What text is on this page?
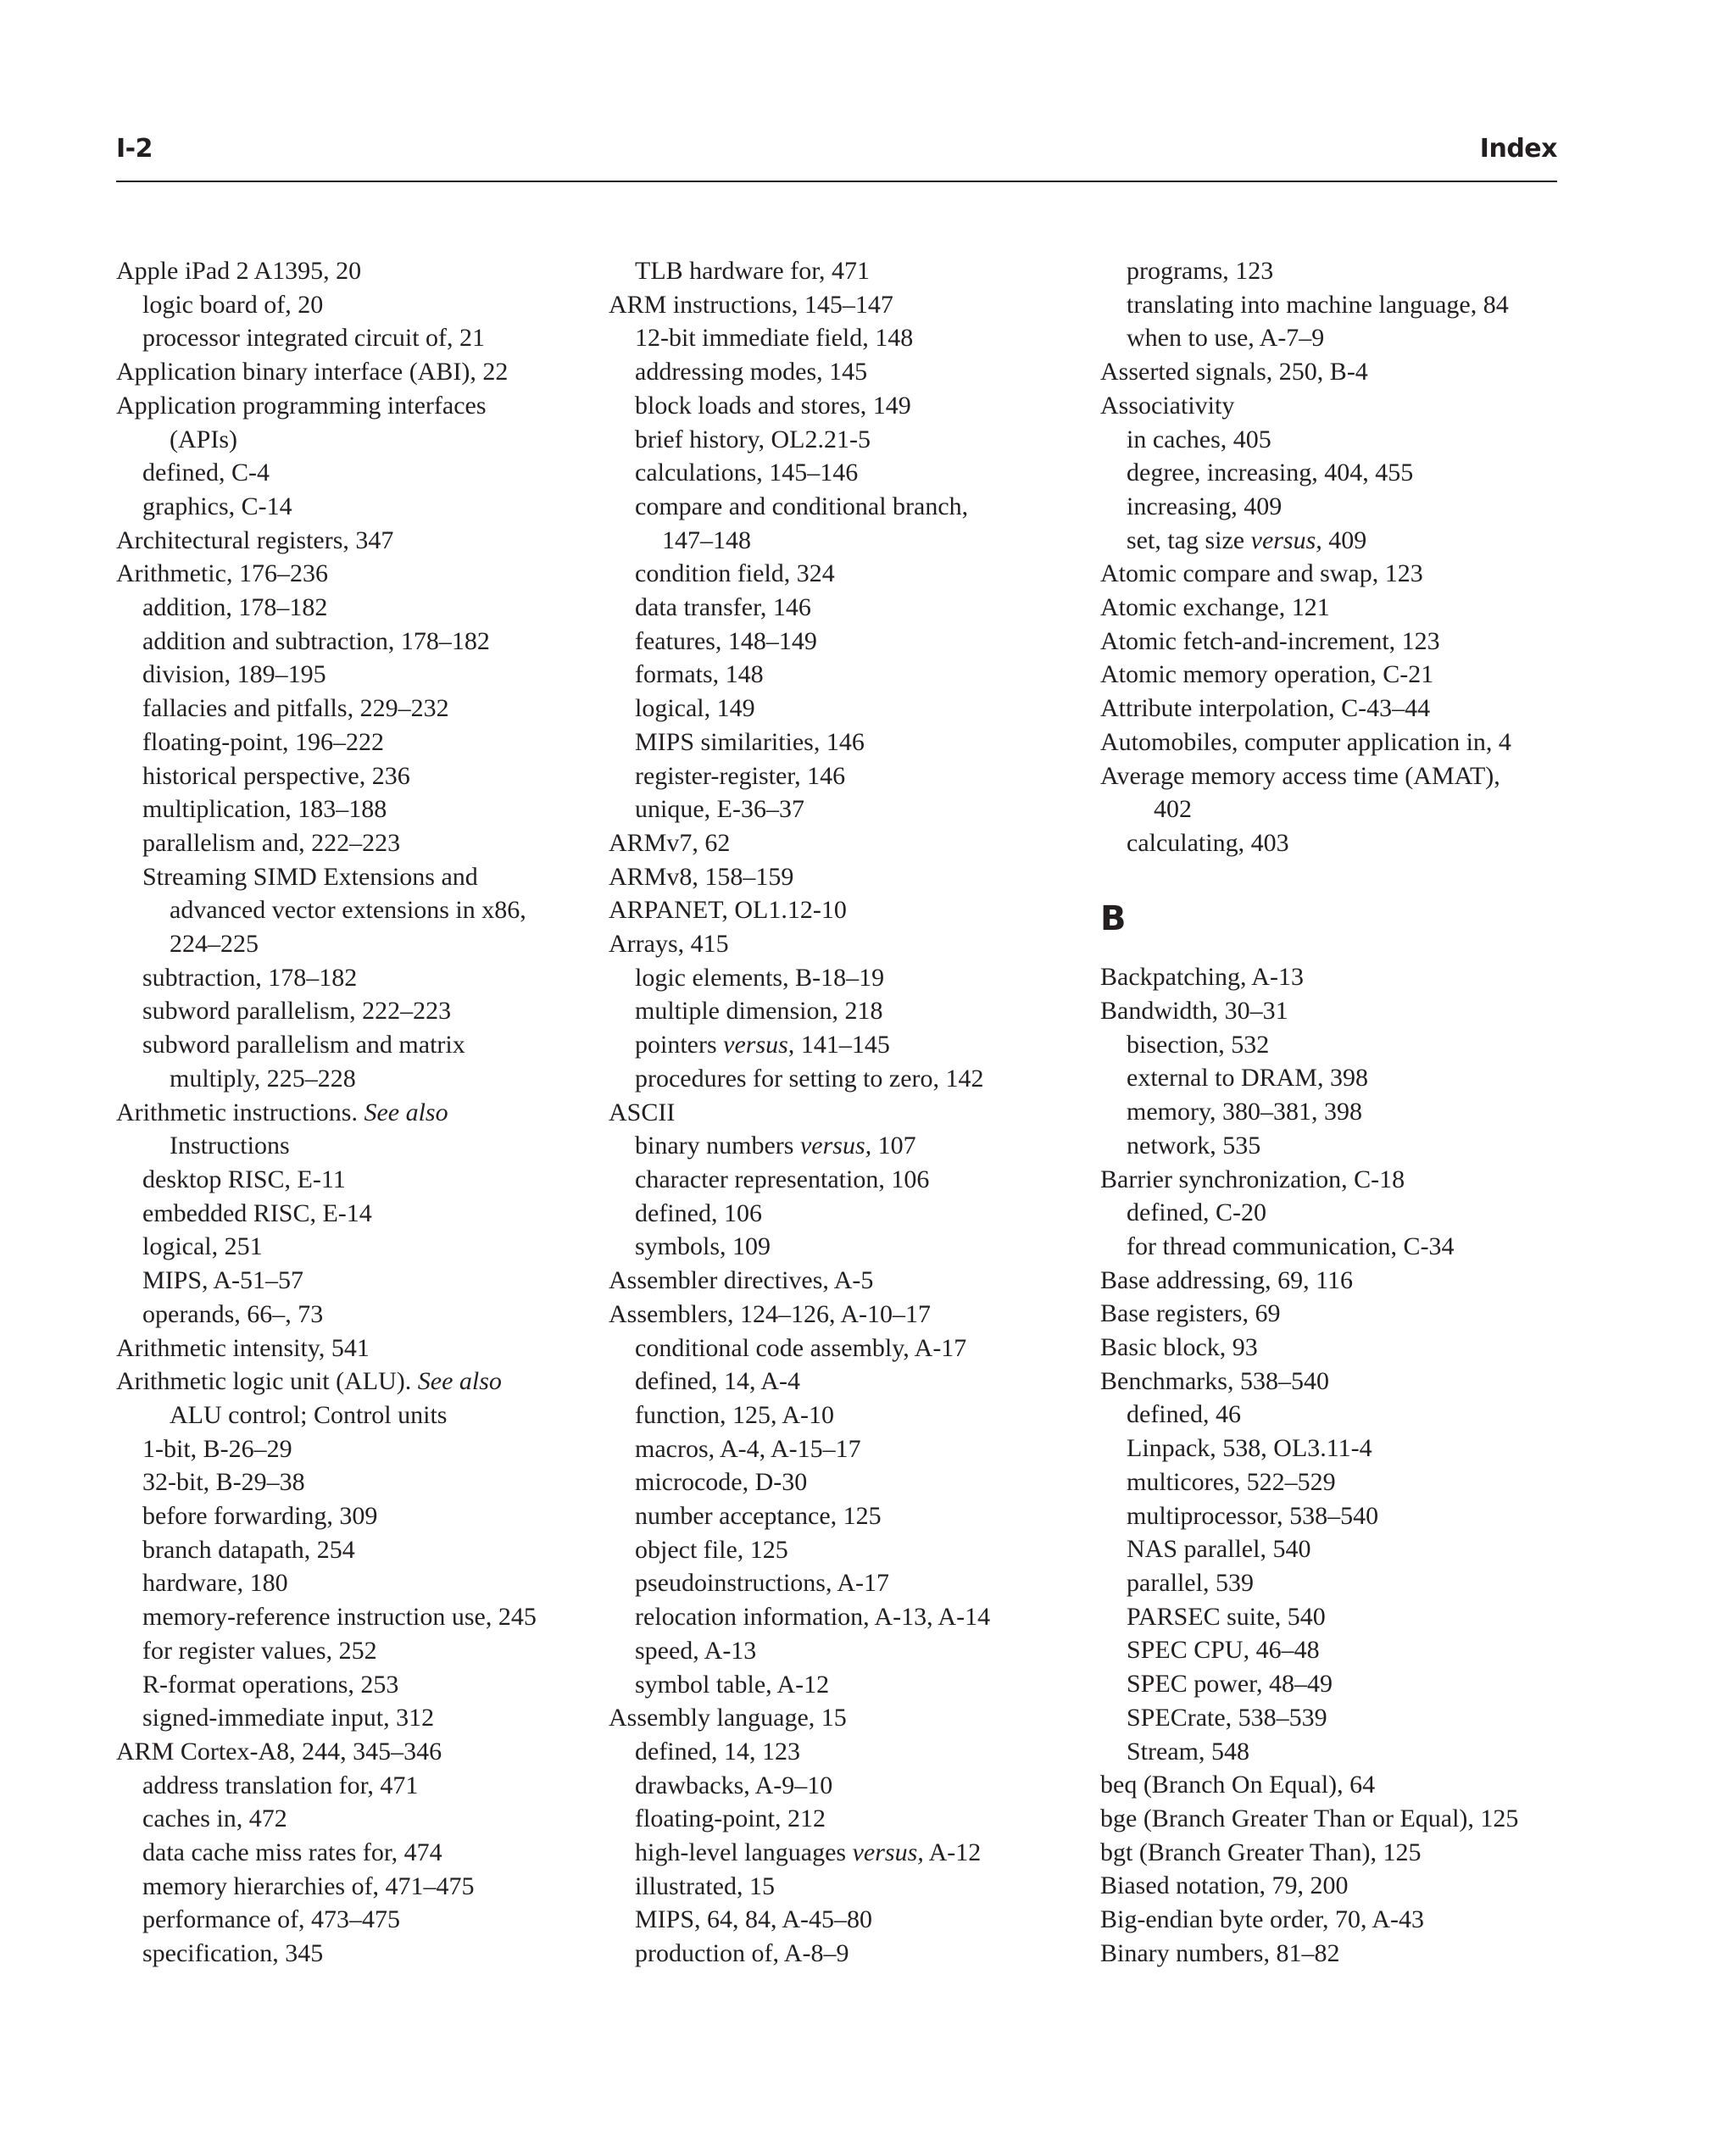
I-2	Index
Apple iPad 2 A1395, 20
logic board of, 20
processor integrated circuit of, 21
Application binary interface (ABI), 22
Application programming interfaces
(APIs)
defined, C-4
graphics, C-14
Architectural registers, 347
Arithmetic, 176–236
addition, 178–182
addition and subtraction, 178–182
division, 189–195
fallacies and pitfalls, 229–232
floating-point, 196–222
historical perspective, 236
multiplication, 183–188
parallelism and, 222–223
Streaming SIMD Extensions and
advanced vector extensions in x86,
224–225
subtraction, 178–182
subword parallelism, 222–223
subword parallelism and matrix
multiply, 225–228
Arithmetic instructions. See also
Instructions
desktop RISC, E-11
embedded RISC, E-14
logical, 251
MIPS, A-51–57
operands, 66–, 73
Arithmetic intensity, 541
Arithmetic logic unit (ALU). See also
ALU control; Control units
1-bit, B-26–29
32-bit, B-29–38
before forwarding, 309
branch datapath, 254
hardware, 180
memory-reference instruction use, 245
for register values, 252
R-format operations, 253
signed-immediate input, 312
ARM Cortex-A8, 244, 345–346
address translation for, 471
caches in, 472
data cache miss rates for, 474
memory hierarchies of, 471–475
performance of, 473–475
specification, 345
TLB hardware for, 471
ARM instructions, 145–147
12-bit immediate field, 148
addressing modes, 145
block loads and stores, 149
brief history, OL2.21-5
calculations, 145–146
compare and conditional branch,
147–148
condition field, 324
data transfer, 146
features, 148–149
formats, 148
logical, 149
MIPS similarities, 146
register-register, 146
unique, E-36–37
ARMv7, 62
ARMv8, 158–159
ARPANET, OL1.12-10
Arrays, 415
logic elements, B-18–19
multiple dimension, 218
pointers versus, 141–145
procedures for setting to zero, 142
ASCII
binary numbers versus, 107
character representation, 106
defined, 106
symbols, 109
Assembler directives, A-5
Assemblers, 124–126, A-10–17
conditional code assembly, A-17
defined, 14, A-4
function, 125, A-10
macros, A-4, A-15–17
microcode, D-30
number acceptance, 125
object file, 125
pseudoinstructions, A-17
relocation information, A-13, A-14
speed, A-13
symbol table, A-12
Assembly language, 15
defined, 14, 123
drawbacks, A-9–10
floating-point, 212
high-level languages versus, A-12
illustrated, 15
MIPS, 64, 84, A-45–80
production of, A-8–9
programs, 123
translating into machine language, 84
when to use, A-7–9
Asserted signals, 250, B-4
Associativity
in caches, 405
degree, increasing, 404, 455
increasing, 409
set, tag size versus, 409
Atomic compare and swap, 123
Atomic exchange, 121
Atomic fetch-and-increment, 123
Atomic memory operation, C-21
Attribute interpolation, C-43–44
Automobiles, computer application in, 4
Average memory access time (AMAT),
402
calculating, 403
B
Backpatching, A-13
Bandwidth, 30–31
bisection, 532
external to DRAM, 398
memory, 380–381, 398
network, 535
Barrier synchronization, C-18
defined, C-20
for thread communication, C-34
Base addressing, 69, 116
Base registers, 69
Basic block, 93
Benchmarks, 538–540
defined, 46
Linpack, 538, OL3.11-4
multicores, 522–529
multiprocessor, 538–540
NAS parallel, 540
parallel, 539
PARSEC suite, 540
SPEC CPU, 46–48
SPEC power, 48–49
SPECrate, 538–539
Stream, 548
beq (Branch On Equal), 64
bge (Branch Greater Than or Equal), 125
bgt (Branch Greater Than), 125
Biased notation, 79, 200
Big-endian byte order, 70, A-43
Binary numbers, 81–82
